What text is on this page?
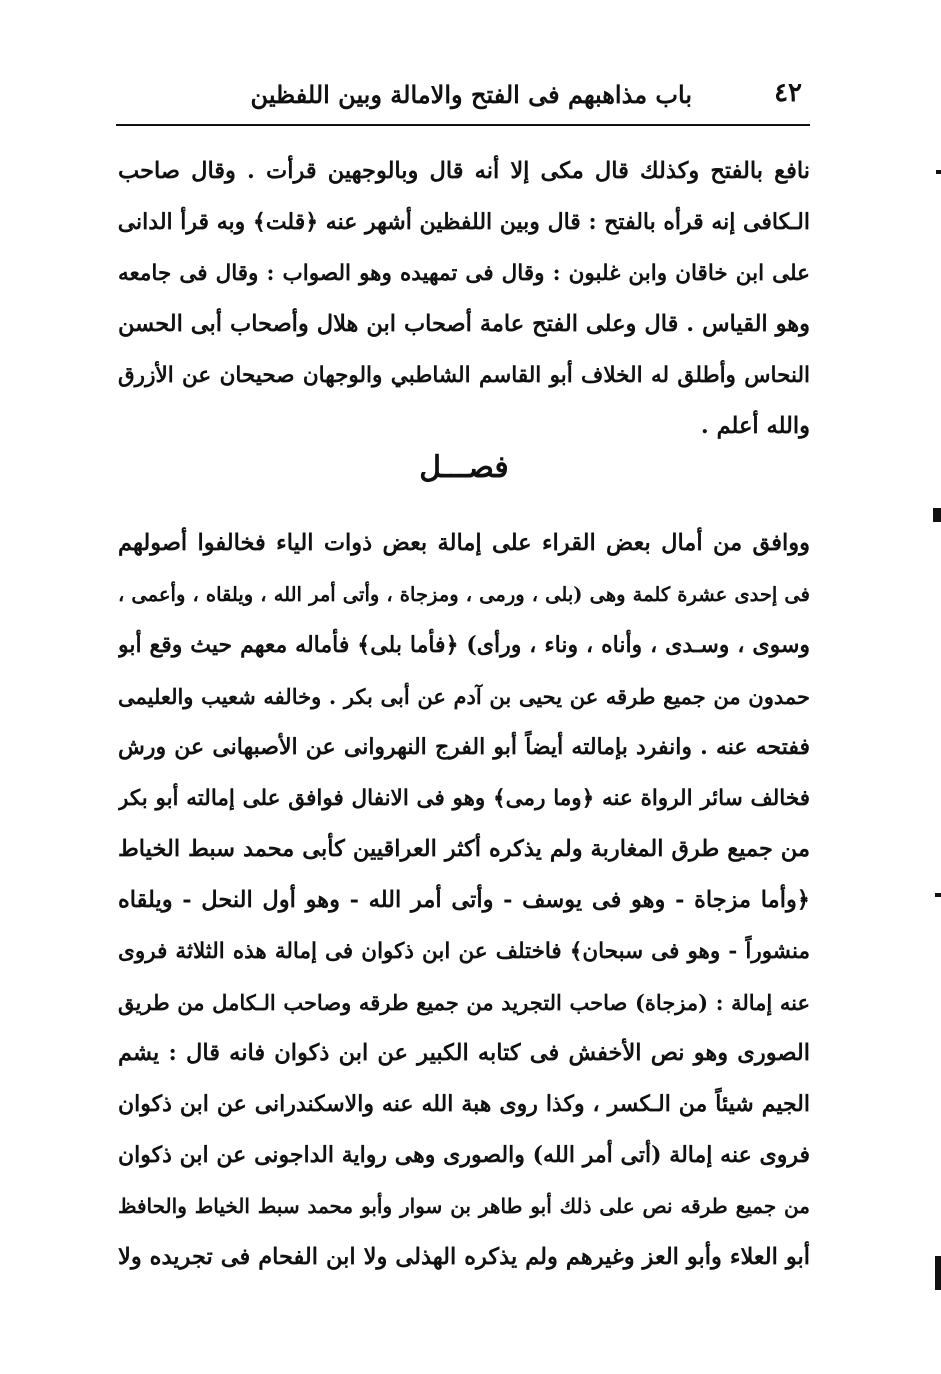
٤٢
باب مذاهبهم فى الفتح والامالة وبين اللفظين
نافع بالفتح وكذلك قال مكى إلا أنه قال وبالوجهين قرأت . وقال صاحب
الـكافى إنه قرأه بالفتح : قال وبين اللفظين أشهر عنه ﴿قلت﴾ وبه قرأ الدانى
على ابن خاقان وابن غلبون : وقال فى تمهيده وهو الصواب : وقال فى جامعه
وهو القياس . قال وعلى الفتح عامة أصحاب ابن هلال وأصحاب أبى الحسن
النحاس وأطلق له الخلاف أبو القاسم الشاطبي والوجهان صحيحان عن الأزرق
والله أعلم .
فصـــل
ووافق من أمال بعض القراء على إمالة بعض ذوات الياء فخالفوا أصولهم
فى إحدى عشرة كلمة وهى (بلى ، ورمى ، ومزجاة ، وأتى أمر الله ، ويلقاه ، وأعمى ،
وسوى ، وسـدى ، وأناه ، وناء ، ورأى) ﴿فأما بلى﴾ فأماله معهم حيث وقع أبو
حمدون من جميع طرقه عن يحيى بن آدم عن أبى بكر . وخالفه شعيب والعليمى
ففتحه عنه . وانفرد بإمالته أيضاً أبو الفرج النهروانى عن الأصبهانى عن ورش
فخالف سائر الرواة عنه ﴿وما رمى﴾ وهو فى الانفال فوافق على إمالته أبو بكر
من جميع طرق المغاربة ولم يذكره أكثر العراقيين كأبى محمد سبط الخياط
﴿وأما مزجاة - وهو فى يوسف - وأتى أمر الله - وهو أول النحل - ويلقاه
منشوراً - وهو فى سبحان﴾ فاختلف عن ابن ذكوان فى إمالة هذه الثلاثة فروى
عنه إمالة : (مزجاة) صاحب التجريد من جميع طرقه وصاحب الـكامل من طريق
الصورى وهو نص الأخفش فى كتابه الكبير عن ابن ذكوان فانه قال : يشم
الجيم شيئاً من الـكسر ، وكذا روى هبة الله عنه والاسكندرانى عن ابن ذكوان
فروى عنه إمالة (أتى أمر الله) والصورى وهى رواية الداجونى عن ابن ذكوان
من جميع طرقه نص على ذلك أبو طاهر بن سوار وأبو محمد سبط الخياط والحافظ
أبو العلاء وأبو العز وغيرهم ولم يذكره الهذلى ولا ابن الفحام فى تجريده ولا
